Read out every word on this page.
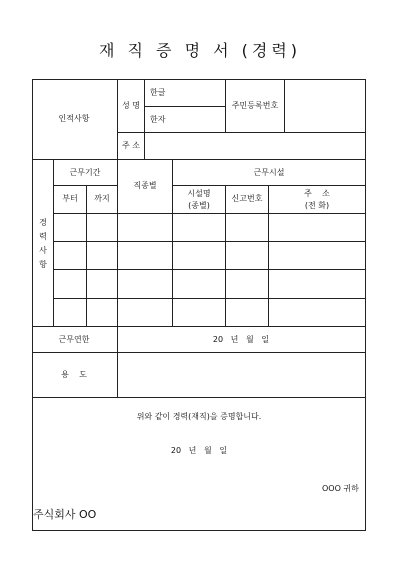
재 직 증 명 서 (경력)
인적사항
성 명
한글
한자
주민등록번호
주 소
경
력
사
항
근무기간
부터 까지
직종별
근무시설
시설명
(종별)
신고번호
주    소
(전 화)
근무연한	20   년   월   일
용    도
위와 같이 경력(재직)을 증명합니다.
20   년   월   일
OOO 귀하
주식회사 OO
